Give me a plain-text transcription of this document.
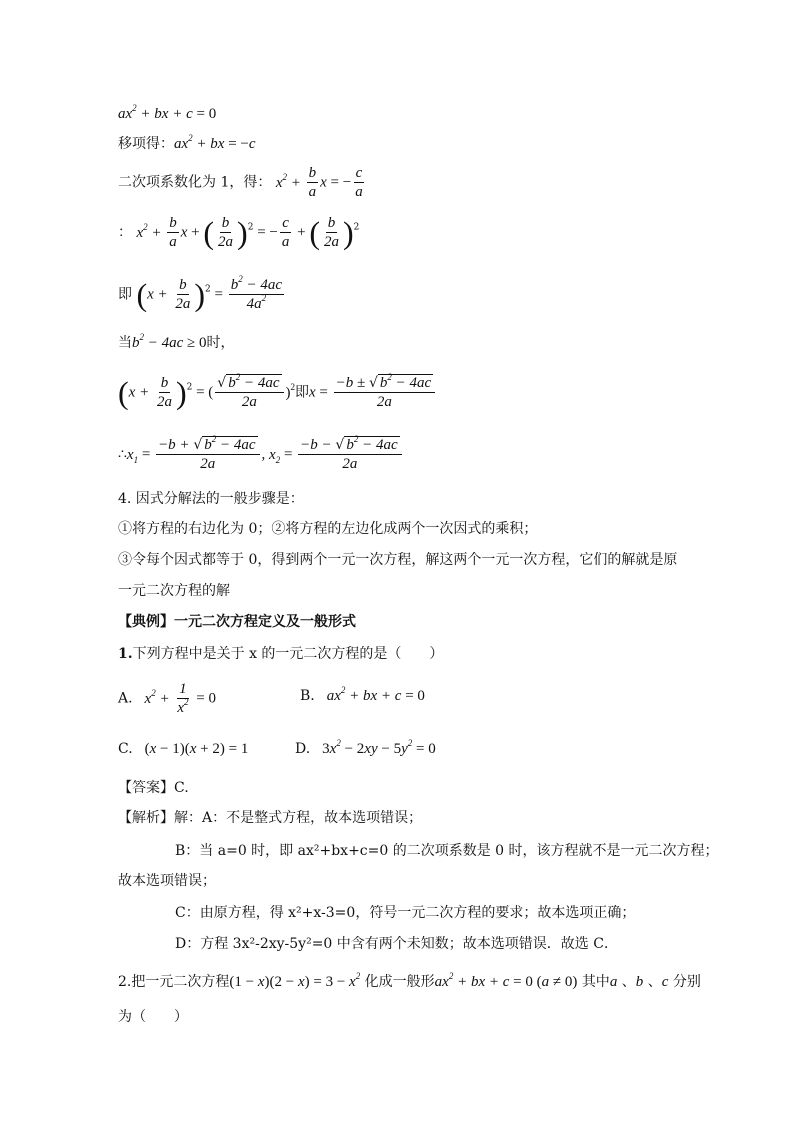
$ax^2$ + bx + c = 0
移项得：$ax^2$ + bx = −c
二次项系数化为 1，得： $x^2 + \frac{b}{a}$ x = − $\frac{c}{a}$
： $x^2 + \frac{b}{a}$ x + ( $\frac{b}{2a} )^2$ = − $\frac{c}{a}$ + ( $\frac{b}{2a} )^2$
即 $(x + \frac{b}{2a} )^2 = \frac{b^2 - 4ac}{4a^2}$
当$b^2 - 4ac \ge 0$时，
$(x + \frac{b}{2a} )^2$ = ( $\frac{√ b^2 - 4ac}{2a} )^2$即$x = \frac{-b \pm √ b^2 - 4ac}{2a}$
$\therefore x_1 = \frac{-b + √ b^2 - 4ac}{2a}$ , $x_2 = \frac{-b - √ b^2 - 4ac}{2a}$
4. 因式分解法的一般步骤是：
①将方程的右边化为 0；②将方程的左边化成两个一次因式的乘积；
③令每个因式都等于 0，得到两个一元一次方程，解这两个一元一次方程，它们的解就是原
一元二次方程的解
【典例】一元二次方程定义及一般形式
1.下列方程中是关于 x 的一元二次方程的是（　　）
A.   $x^2 + \frac{1}{x^2} = 0$	B.   $ax^2$ + bx + c = 0
C.   (x − 1)(x + 2) = 1	D.   $3x^2 - 2xy - 5y^2 = 0$
【答案】C.
【解析】解：A：不是整式方程，故本选项错误；
B：当 a=0 时，即 ax²+bx+c=0 的二次项系数是 0 时，该方程就不是一元二次方程；
故本选项错误；
C：由原方程，得 x²+x-3=0，符号一元二次方程的要求；故本选项正确；
D：方程 3x²-2xy-5y²=0 中含有两个未知数；故本选项错误．故选 C．
2.把一元二次方程$(1 - x)(2 - x) = 3 - x^2$ 化成一般形$ax^2$ + bx + c = 0 (a ≠ 0) 其中a 、b 、c 分别
为（　　）
